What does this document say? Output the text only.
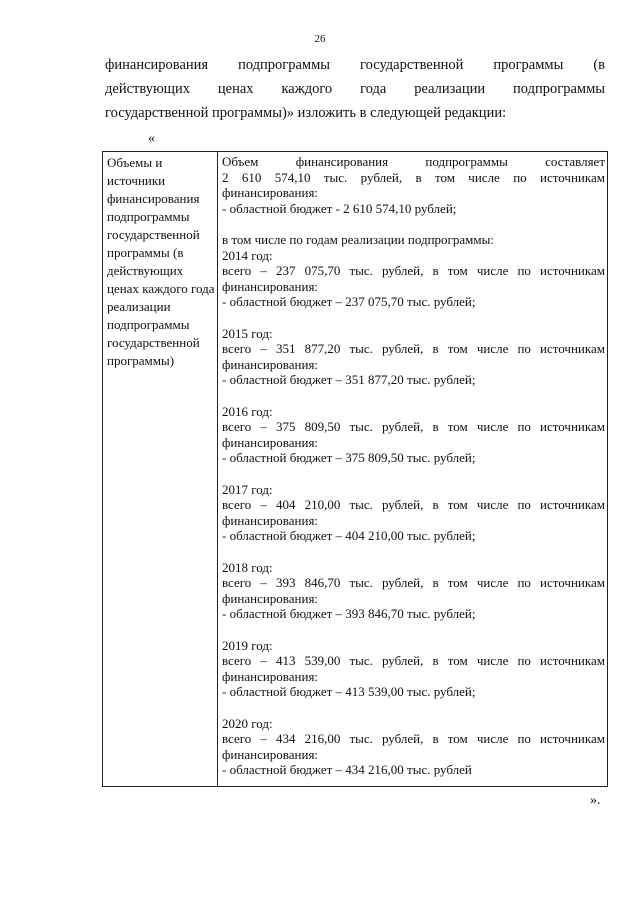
26
финансирования подпрограммы государственной программы (в
действующих ценах каждого года реализации подпрограммы
государственной программы)» изложить в следующей редакции:
«
Объемы и источники финансирования подпрограммы государственной программы (в действующих ценах каждого года реализации подпрограммы государственной программы)
Объем финансирования подпрограммы составляет
2 610 574,10 тыс. рублей, в том числе по источникам
финансирования:
- областной бюджет - 2 610 574,10 рублей;
в том числе по годам реализации подпрограммы:
2014 год:
всего – 237 075,70 тыс. рублей, в том числе по источникам
финансирования:
- областной бюджет – 237 075,70 тыс. рублей;
2015 год:
всего – 351 877,20 тыс. рублей, в том числе по источникам
финансирования:
- областной бюджет – 351 877,20 тыс. рублей;
2016 год:
всего – 375 809,50 тыс. рублей, в том числе по источникам
финансирования:
- областной бюджет – 375 809,50 тыс. рублей;
2017 год:
всего – 404 210,00 тыс. рублей, в том числе по источникам
финансирования:
- областной бюджет – 404 210,00 тыс. рублей;
2018 год:
всего – 393 846,70 тыс. рублей, в том числе по источникам
финансирования:
- областной бюджет – 393 846,70 тыс. рублей;
2019 год:
всего – 413 539,00 тыс. рублей, в том числе по источникам
финансирования:
- областной бюджет – 413 539,00 тыс. рублей;
2020 год:
всего – 434 216,00 тыс. рублей, в том числе по источникам
финансирования:
- областной бюджет – 434 216,00 тыс. рублей
».
